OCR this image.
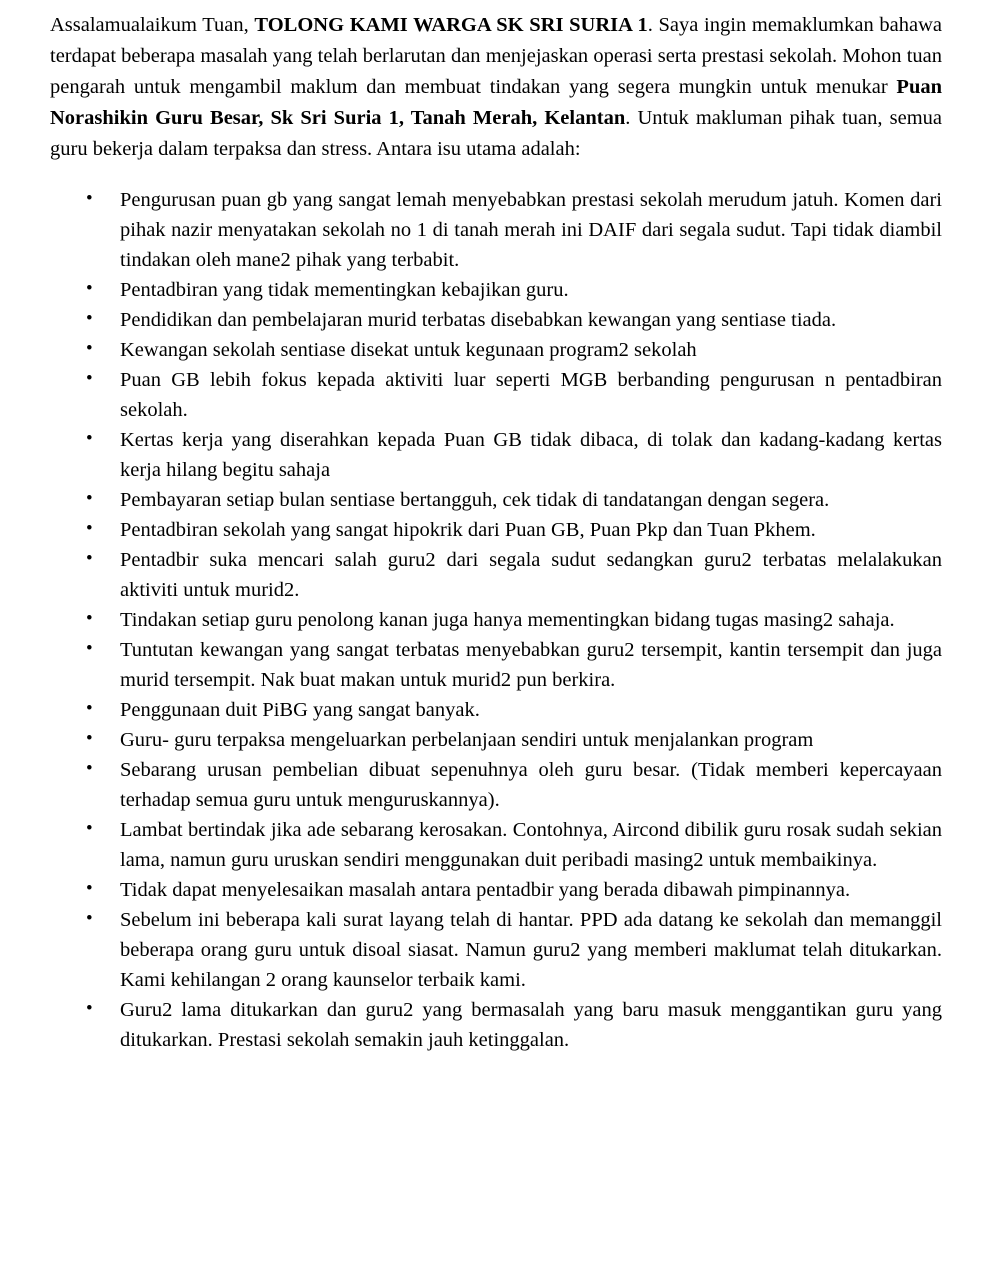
Assalamualaikum Tuan, TOLONG KAMI WARGA SK SRI SURIA 1. Saya ingin memaklumkan bahawa terdapat beberapa masalah yang telah berlarutan dan menjejaskan operasi serta prestasi sekolah. Mohon tuan pengarah untuk mengambil maklum dan membuat tindakan yang segera mungkin untuk menukar Puan Norashikin Guru Besar, Sk Sri Suria 1, Tanah Merah, Kelantan. Untuk makluman pihak tuan, semua guru bekerja dalam terpaksa dan stress. Antara isu utama adalah:

• Pengurusan puan gb yang sangat lemah menyebabkan prestasi sekolah merudum jatuh. Komen dari pihak nazir menyatakan sekolah no 1 di tanah merah ini DAIF dari segala sudut. Tapi tidak diambil tindakan oleh mane2 pihak yang terbabit.
• Pentadbiran yang tidak mementingkan kebajikan guru.
• Pendidikan dan pembelajaran murid terbatas disebabkan kewangan yang sentiase tiada.
• Kewangan sekolah sentiase disekat untuk kegunaan program2 sekolah
• Puan GB lebih fokus kepada aktiviti luar seperti MGB berbanding pengurusan n pentadbiran sekolah.
• Kertas kerja yang diserahkan kepada Puan GB tidak dibaca, di tolak dan kadang-kadang kertas kerja hilang begitu sahaja
• Pembayaran setiap bulan sentiase bertangguh, cek tidak di tandatangan dengan segera.
• Pentadbiran sekolah yang sangat hipokrik dari Puan GB, Puan Pkp dan Tuan Pkhem.
• Pentadbir suka mencari salah guru2 dari segala sudut sedangkan guru2 terbatas melalakukan aktiviti untuk murid2.
• Tindakan setiap guru penolong kanan juga hanya mementingkan bidang tugas masing2 sahaja.
• Tuntutan kewangan yang sangat terbatas menyebabkan guru2 tersempit, kantin tersempit dan juga murid tersempit. Nak buat makan untuk murid2 pun berkira.
• Penggunaan duit PiBG yang sangat banyak.
• Guru- guru terpaksa mengeluarkan perbelanjaan sendiri untuk menjalankan program
• Sebarang urusan pembelian dibuat sepenuhnya oleh guru besar. (Tidak memberi kepercayaan terhadap semua guru untuk menguruskannya).
• Lambat bertindak jika ade sebarang kerosakan. Contohnya, Aircond dibilik guru rosak sudah sekian lama, namun guru uruskan sendiri menggunakan duit peribadi masing2 untuk membaikinya.
• Tidak dapat menyelesaikan masalah antara pentadbir yang berada dibawah pimpinannya.
• Sebelum ini beberapa kali surat layang telah di hantar. PPD ada datang ke sekolah dan memanggil beberapa orang guru untuk disoal siasat. Namun guru2 yang memberi maklumat telah ditukarkan. Kami kehilangan 2 orang kaunselor terbaik kami.
• Guru2 lama ditukarkan dan guru2 yang bermasalah yang baru masuk menggantikan guru yang ditukarkan. Prestasi sekolah semakin jauh ketinggalan.
